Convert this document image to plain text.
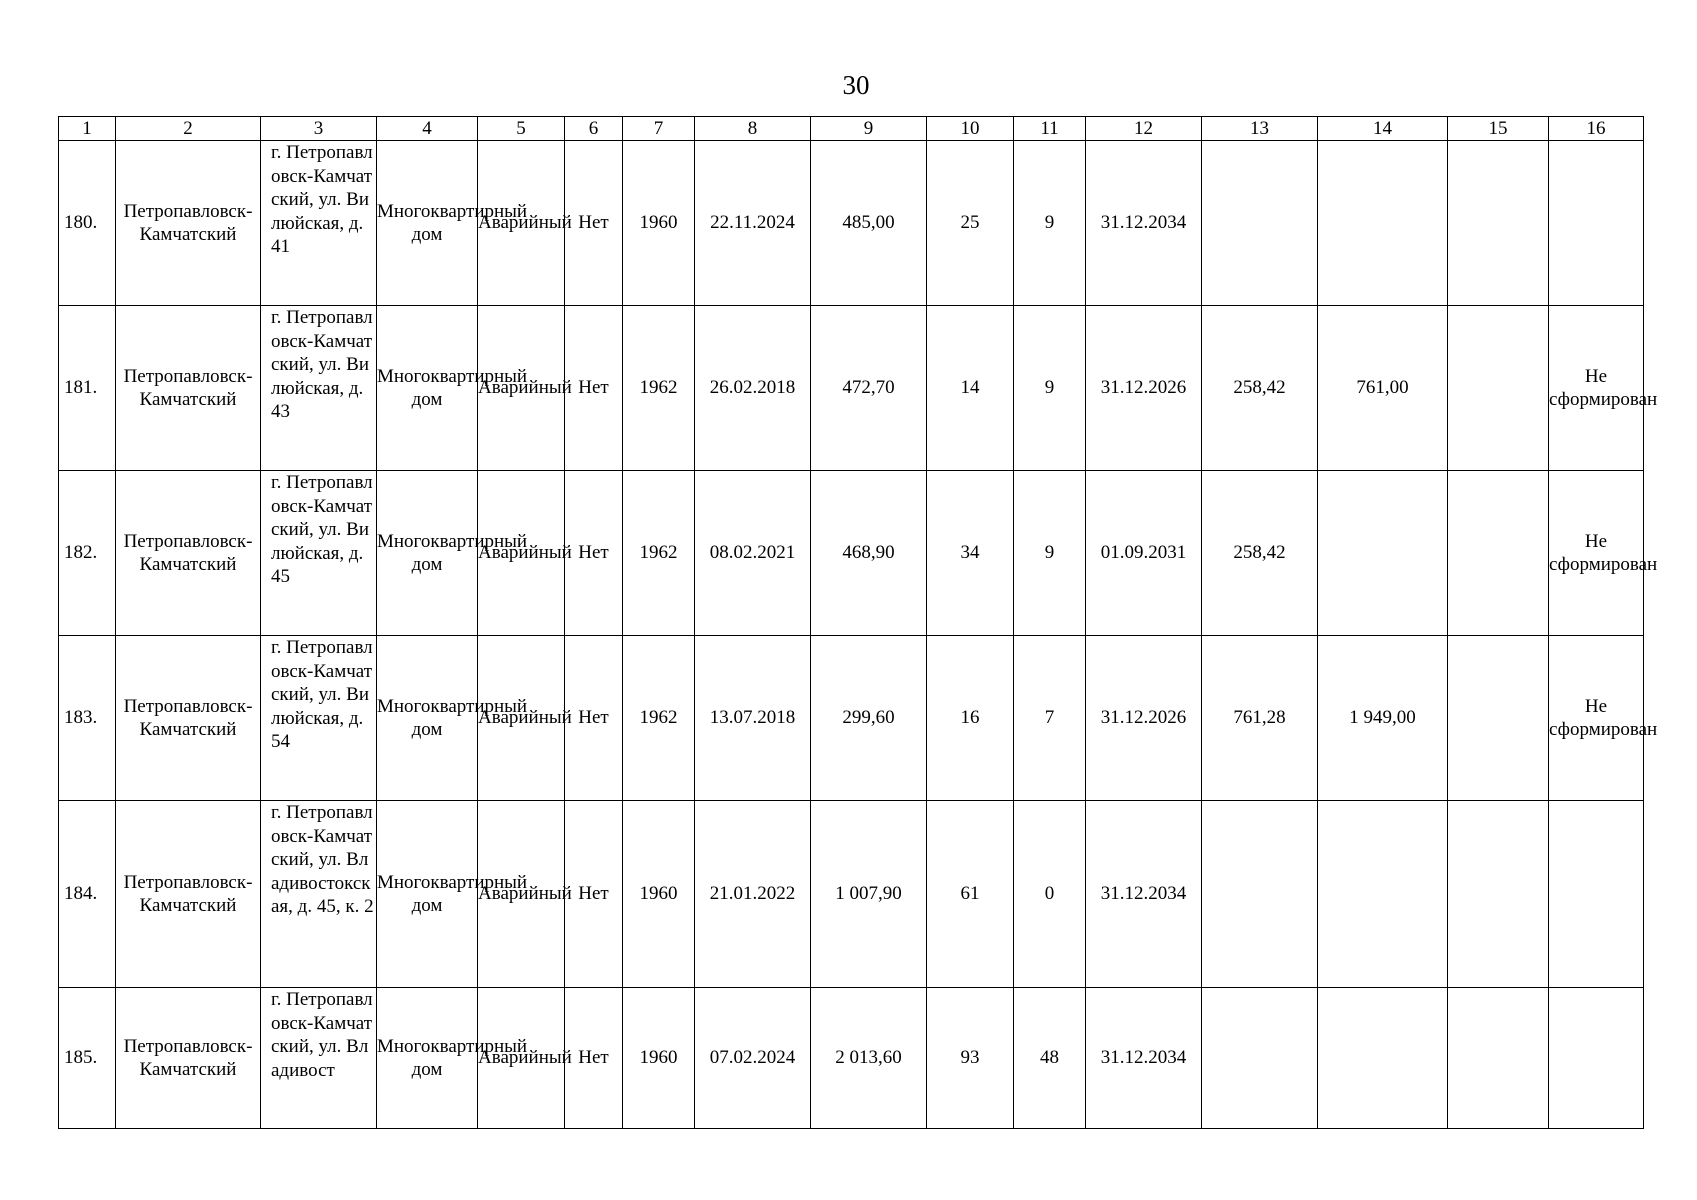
30
1	2	3	4	5	6	7	8	9	10	11	12	13	14	15	16
180.	Петропавловск-Камчатский	г. Петропавловск-Камчатский, ул. Вилюйская, д. 41	Многоквартирный дом	Аварийный	Нет	1960	22.11.2024	485,00	25	9	31.12.2034				
181.	Петропавловск-Камчатский	г. Петропавловск-Камчатский, ул. Вилюйская, д. 43	Многоквартирный дом	Аварийный	Нет	1962	26.02.2018	472,70	14	9	31.12.2026	258,42	761,00		Не сформирован
182.	Петропавловск-Камчатский	г. Петропавловск-Камчатский, ул. Вилюйская, д. 45	Многоквартирный дом	Аварийный	Нет	1962	08.02.2021	468,90	34	9	01.09.2031	258,42			Не сформирован
183.	Петропавловск-Камчатский	г. Петропавловск-Камчатский, ул. Вилюйская, д. 54	Многоквартирный дом	Аварийный	Нет	1962	13.07.2018	299,60	16	7	31.12.2026	761,28	1 949,00		Не сформирован
184.	Петропавловск-Камчатский	г. Петропавловск-Камчатский, ул. Владивостокская, д. 45, к. 2	Многоквартирный дом	Аварийный	Нет	1960	21.01.2022	1 007,90	61	0	31.12.2034				
185.	Петропавловск-Камчатский	г. Петропавловск-Камчатский, ул. Владивост	Многоквартирный дом	Аварийный	Нет	1960	07.02.2024	2 013,60	93	48	31.12.2034				
